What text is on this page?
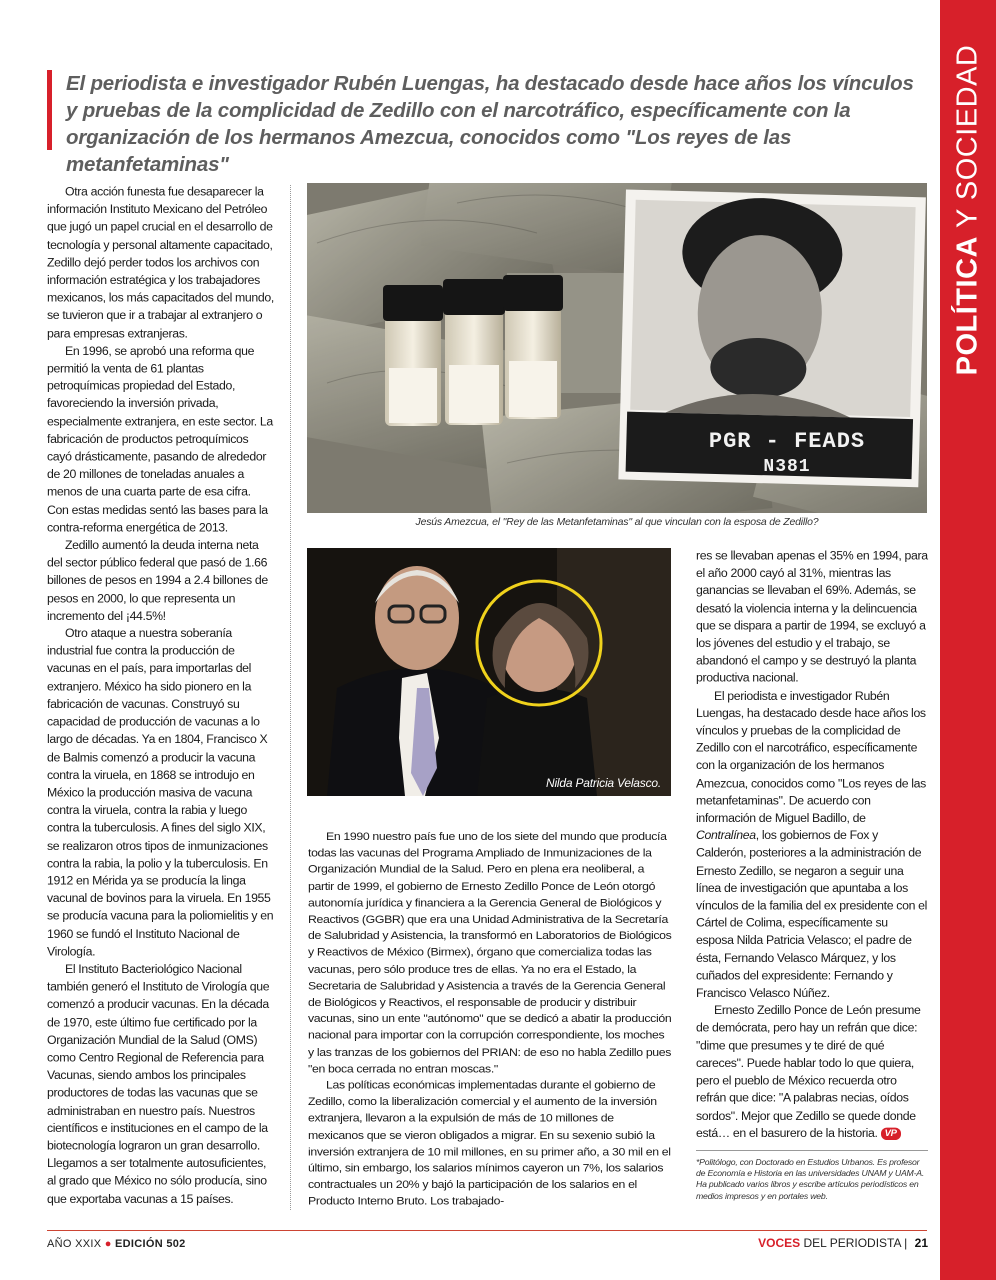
POLÍTICA Y SOCIEDAD
El periodista e investigador Rubén Luengas, ha destacado desde hace años los vínculos y pruebas de la complicidad de Zedillo con el narcotráfico, específicamente con la organización de los hermanos Amezcua, conocidos como "Los reyes de las metanfetaminas"
PGR - FEADS
N381
Jesús Amezcua, el "Rey de las Metanfetaminas" al que vinculan con la esposa de Zedillo?
Nilda Patricia Velasco.

Otra acción funesta fue desaparecer la información Instituto Mexicano del Petróleo que jugó un papel crucial en el desarrollo de tecnología y personal altamente capacitado, Zedillo dejó perder todos los archivos con información estratégica y los trabajadores mexicanos, los más capacitados del mundo, se tuvieron que ir a trabajar al extranjero o para empresas extranjeras.

En 1996, se aprobó una reforma que permitió la venta de 61 plantas petroquímicas propiedad del Estado, favoreciendo la inversión privada, especialmente extranjera, en este sector. La fabricación de productos petroquímicos cayó drásticamente, pasando de alrededor de 20 millones de toneladas anuales a menos de una cuarta parte de esa cifra. Con estas medidas sentó las bases para la contra-reforma energética de 2013.

Zedillo aumentó la deuda interna neta del sector público federal que pasó de 1.66 billones de pesos en 1994 a 2.4 billones de pesos en 2000, lo que representa un incremento del ¡44.5%!

Otro ataque a nuestra soberanía industrial fue contra la producción de vacunas en el país, para importarlas del extranjero. México ha sido pionero en la fabricación de vacunas. Construyó su capacidad de producción de vacunas a lo largo de décadas. Ya en 1804, Francisco X de Balmis comenzó a producir la vacuna contra la viruela, en 1868 se introdujo en México la producción masiva de vacuna contra la viruela, contra la rabia y luego contra la tuberculosis. A fines del siglo XIX, se realizaron otros tipos de inmunizaciones contra la rabia, la polio y la tuberculosis. En 1912 en Mérida ya se producía la linga vacunal de bovinos para la viruela. En 1955 se producía vacuna para la poliomielitis y en 1960 se fundó el Instituto Nacional de Virología.

El Instituto Bacteriológico Nacional también generó el Instituto de Virología que comenzó a producir vacunas. En la década de 1970, este último fue certificado por la Organización Mundial de la Salud (OMS) como Centro Regional de Referencia para Vacunas, siendo ambos los principales productores de todas las vacunas que se administraban en nuestro país. Nuestros científicos e instituciones en el campo de la biotecnología lograron un gran desarrollo. Llegamos a ser totalmente autosuficientes, al grado que México no sólo producía, sino que exportaba vacunas a 15 países.

En 1990 nuestro país fue uno de los siete del mundo que producía todas las vacunas del Programa Ampliado de Inmunizaciones de la Organización Mundial de la Salud. Pero en plena era neoliberal, a partir de 1999, el gobierno de Ernesto Zedillo Ponce de León otorgó autonomía jurídica y financiera a la Gerencia General de Biológicos y Reactivos (GGBR) que era una Unidad Administrativa de la Secretaría de Salubridad y Asistencia, la transformó en Laboratorios de Biológicos y Reactivos de México (Birmex), órgano que comercializa todas las vacunas, pero sólo produce tres de ellas. Ya no era el Estado, la Secretaria de Salubridad y Asistencia a través de la Gerencia General de Biológicos y Reactivos, el responsable de producir y distribuir vacunas, sino un ente "autónomo" que se dedicó a abatir la producción nacional para importar con la corrupción correspondiente, los moches y las tranzas de los gobiernos del PRIAN: de eso no habla Zedillo pues "en boca cerrada no entran moscas."

Las políticas económicas implementadas durante el gobierno de Zedillo, como la liberalización comercial y el aumento de la inversión extranjera, llevaron a la expulsión de más de 10 millones de mexicanos que se vieron obligados a migrar. En su sexenio subió la inversión extranjera de 10 mil millones, en su primer año, a 30 mil en el último, sin embargo, los salarios mínimos cayeron un 7%, los salarios contractuales un 20% y bajó la participación de los salarios en el Producto Interno Bruto. Los trabajado-

res se llevaban apenas el 35% en 1994, para el año 2000 cayó al 31%, mientras las ganancias se llevaban el 69%. Además, se desató la violencia interna y la delincuencia que se dispara a partir de 1994, se excluyó a los jóvenes del estudio y el trabajo, se abandonó el campo y se destruyó la planta productiva nacional.

El periodista e investigador Rubén Luengas, ha destacado desde hace años los vínculos y pruebas de la complicidad de Zedillo con el narcotráfico, específicamente con la organización de los hermanos Amezcua, conocidos como "Los reyes de las metanfetaminas". De acuerdo con información de Miguel Badillo, de Contralínea, los gobiernos de Fox y Calderón, posteriores a la administración de Ernesto Zedillo, se negaron a seguir una línea de investigación que apuntaba a los vínculos de la familia del ex presidente con el Cártel de Colima, específicamente su esposa Nilda Patricia Velasco; el padre de ésta, Fernando Velasco Márquez, y los cuñados del expresidente: Fernando y Francisco Velasco Núñez.

Ernesto Zedillo Ponce de León presume de demócrata, pero hay un refrán que dice: "dime que presumes y te diré de qué careces". Puede hablar todo lo que quiera, pero el pueblo de México recuerda otro refrán que dice: "A palabras necias, oídos sordos". Mejor que Zedillo se quede donde está… en el basurero de la historia. VP

*Politólogo, con Doctorado en Estudios Urbanos. Es profesor de Economía e Historia en las universidades UNAM y UAM-A. Ha publicado varios libros y escribe artículos periodísticos en medios impresos y en portales web.
AÑO XXIX ● EDICIÓN 502	VOCES DEL PERIODISTA | 21
